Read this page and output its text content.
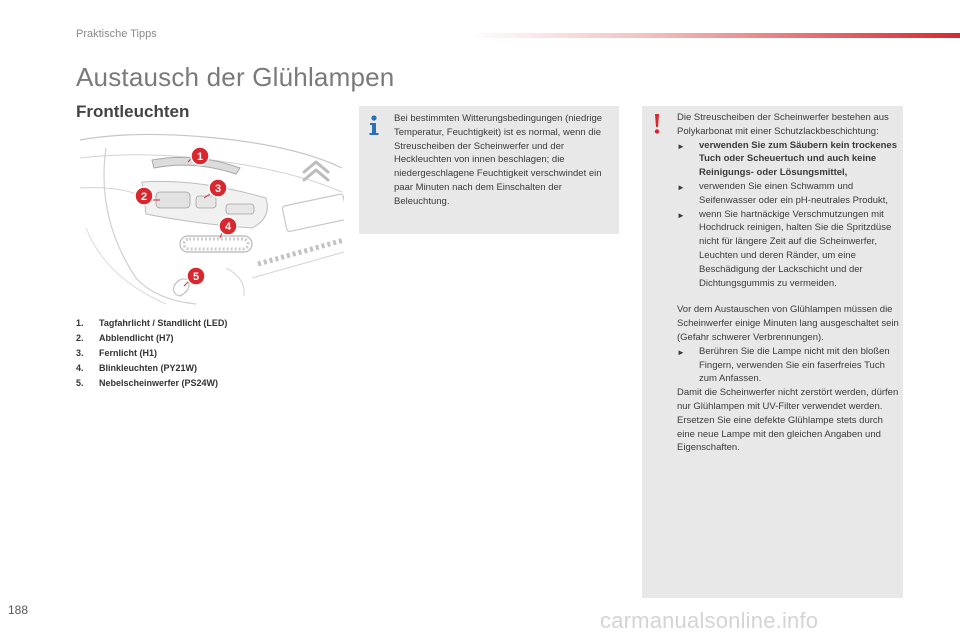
Praktische Tipps
Austausch der Glühlampen
Frontleuchten
1
2
3
4
5
1.	Tagfahrlicht / Standlicht (LED)
2.	Abblendlicht (H7)
3.	Fernlicht (H1)
4.	Blinkleuchten (PY21W)
5.	Nebelscheinwerfer (PS24W)

Bei bestimmten Witterungsbedingungen (niedrige Temperatur, Feuchtigkeit) ist es normal, wenn die Streuscheiben der Scheinwerfer und der Heckleuchten von innen beschlagen; die niedergeschlagene Feuchtigkeit verschwindet ein paar Minuten nach dem Einschalten der Beleuchtung.

Die Streuscheiben der Scheinwerfer bestehen aus Polykarbonat mit einer Schutzlackbeschichtung:

►	verwenden Sie zum Säubern kein trockenes Tuch oder Scheuertuch und auch keine Reinigungs- oder Lösungsmittel,
►	verwenden Sie einen Schwamm und Seifenwasser oder ein pH-neutrales Produkt,
►	wenn Sie hartnäckige Verschmutzungen mit Hochdruck reinigen, halten Sie die Spritzdüse nicht für längere Zeit auf die Scheinwerfer, Leuchten und deren Ränder, um eine Beschädigung der Lackschicht und der Dichtungsgummis zu vermeiden.

Vor dem Austauschen von Glühlampen müssen die Scheinwerfer einige Minuten lang ausgeschaltet sein (Gefahr schwerer Verbrennungen).

►	Berühren Sie die Lampe nicht mit den bloßen Fingern, verwenden Sie ein faserfreies Tuch zum Anfassen.

Damit die Scheinwerfer nicht zerstört werden, dürfen nur Glühlampen mit UV-Filter verwendet werden.

Ersetzen Sie eine defekte Glühlampe stets durch eine neue Lampe mit den gleichen Angaben und Eigenschaften.

188	carmanualsonline.info
